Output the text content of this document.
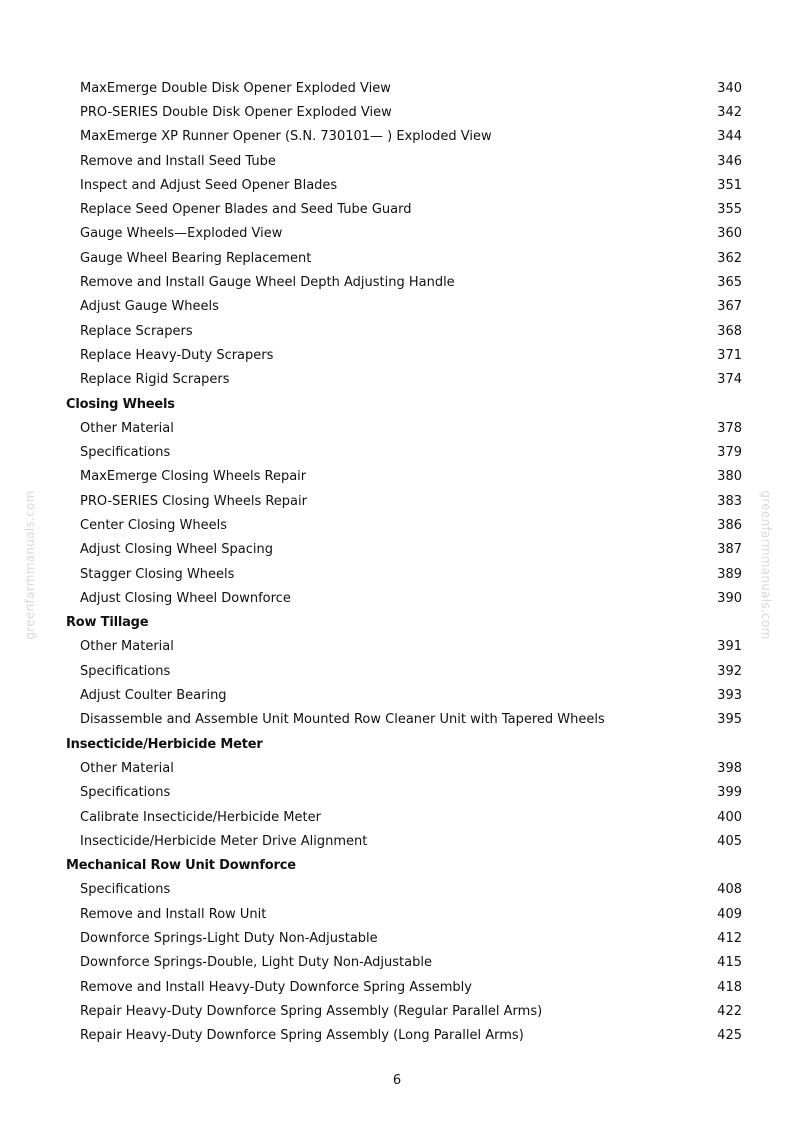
greenfarmmanuals.com	greenfarmmanuals.com
MaxEmerge Double Disk Opener Exploded View	340
PRO-SERIES Double Disk Opener Exploded View	342
MaxEmerge XP Runner Opener (S.N. 730101— ) Exploded View	344
Remove and Install Seed Tube	346
Inspect and Adjust Seed Opener Blades	351
Replace Seed Opener Blades and Seed Tube Guard	355
Gauge Wheels—Exploded View	360
Gauge Wheel Bearing Replacement	362
Remove and Install Gauge Wheel Depth Adjusting Handle	365
Adjust Gauge Wheels	367
Replace Scrapers	368
Replace Heavy-Duty Scrapers	371
Replace Rigid Scrapers	374
Closing Wheels
Other Material	378
Specifications	379
MaxEmerge Closing Wheels Repair	380
PRO-SERIES Closing Wheels Repair	383
Center Closing Wheels	386
Adjust Closing Wheel Spacing	387
Stagger Closing Wheels	389
Adjust Closing Wheel Downforce	390
Row Tillage
Other Material	391
Specifications	392
Adjust Coulter Bearing	393
Disassemble and Assemble Unit Mounted Row Cleaner Unit with Tapered Wheels	395
Insecticide/Herbicide Meter
Other Material	398
Specifications	399
Calibrate Insecticide/Herbicide Meter	400
Insecticide/Herbicide Meter Drive Alignment	405
Mechanical Row Unit Downforce
Specifications	408
Remove and Install Row Unit	409
Downforce Springs-Light Duty Non-Adjustable	412
Downforce Springs-Double, Light Duty Non-Adjustable	415
Remove and Install Heavy-Duty Downforce Spring Assembly	418
Repair Heavy-Duty Downforce Spring Assembly (Regular Parallel Arms)	422
Repair Heavy-Duty Downforce Spring Assembly (Long Parallel Arms)	425
6
